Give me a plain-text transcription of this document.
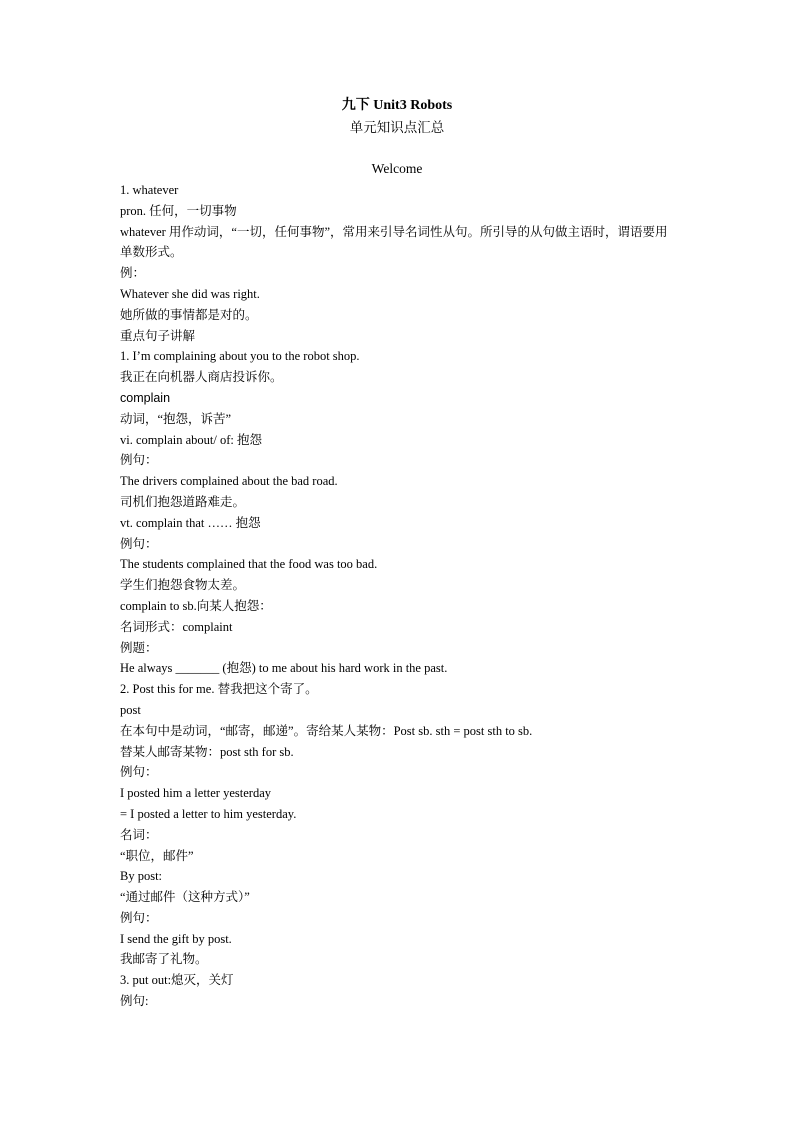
九下 Unit3 Robots
单元知识点汇总
Welcome
1. whatever
pron. 任何，一切事物
whatever 用作动词，“一切，任何事物”，常用来引导名词性从句。所引导的从句做主语时，谓语要用单数形式。
例：
Whatever she did was right.
她所做的事情都是对的。
重点句子讲解
1. I’m complaining about you to the robot shop.
我正在向机器人商店投诉你。
complain
动词，“抱怨，诉苦”
vi. complain about/ of: 抱怨
例句：
The drivers complained about the bad road.
司机们抱怨道路难走。
vt. complain that …… 抱怨
例句：
The students complained that the food was too bad.
学生们抱怨食物太差。
complain to sb.向某人抱怨：
名词形式：complaint
例题：
He always _______ (抱怨) to me about his hard work in the past.
2. Post this for me. 替我把这个寄了。
post
在本句中是动词，“邮寄，邮递”。寄给某人某物：Post sb. sth = post sth to sb.
替某人邮寄某物：post sth for sb.
例句：
I posted him a letter yesterday
= I posted a letter to him yesterday.
名词：
“职位，邮件”
By post:
“通过邮件（这种方式）”
例句：
I send the gift by post.
我邮寄了礼物。
3. put out:熄灭，关灯
例句:
